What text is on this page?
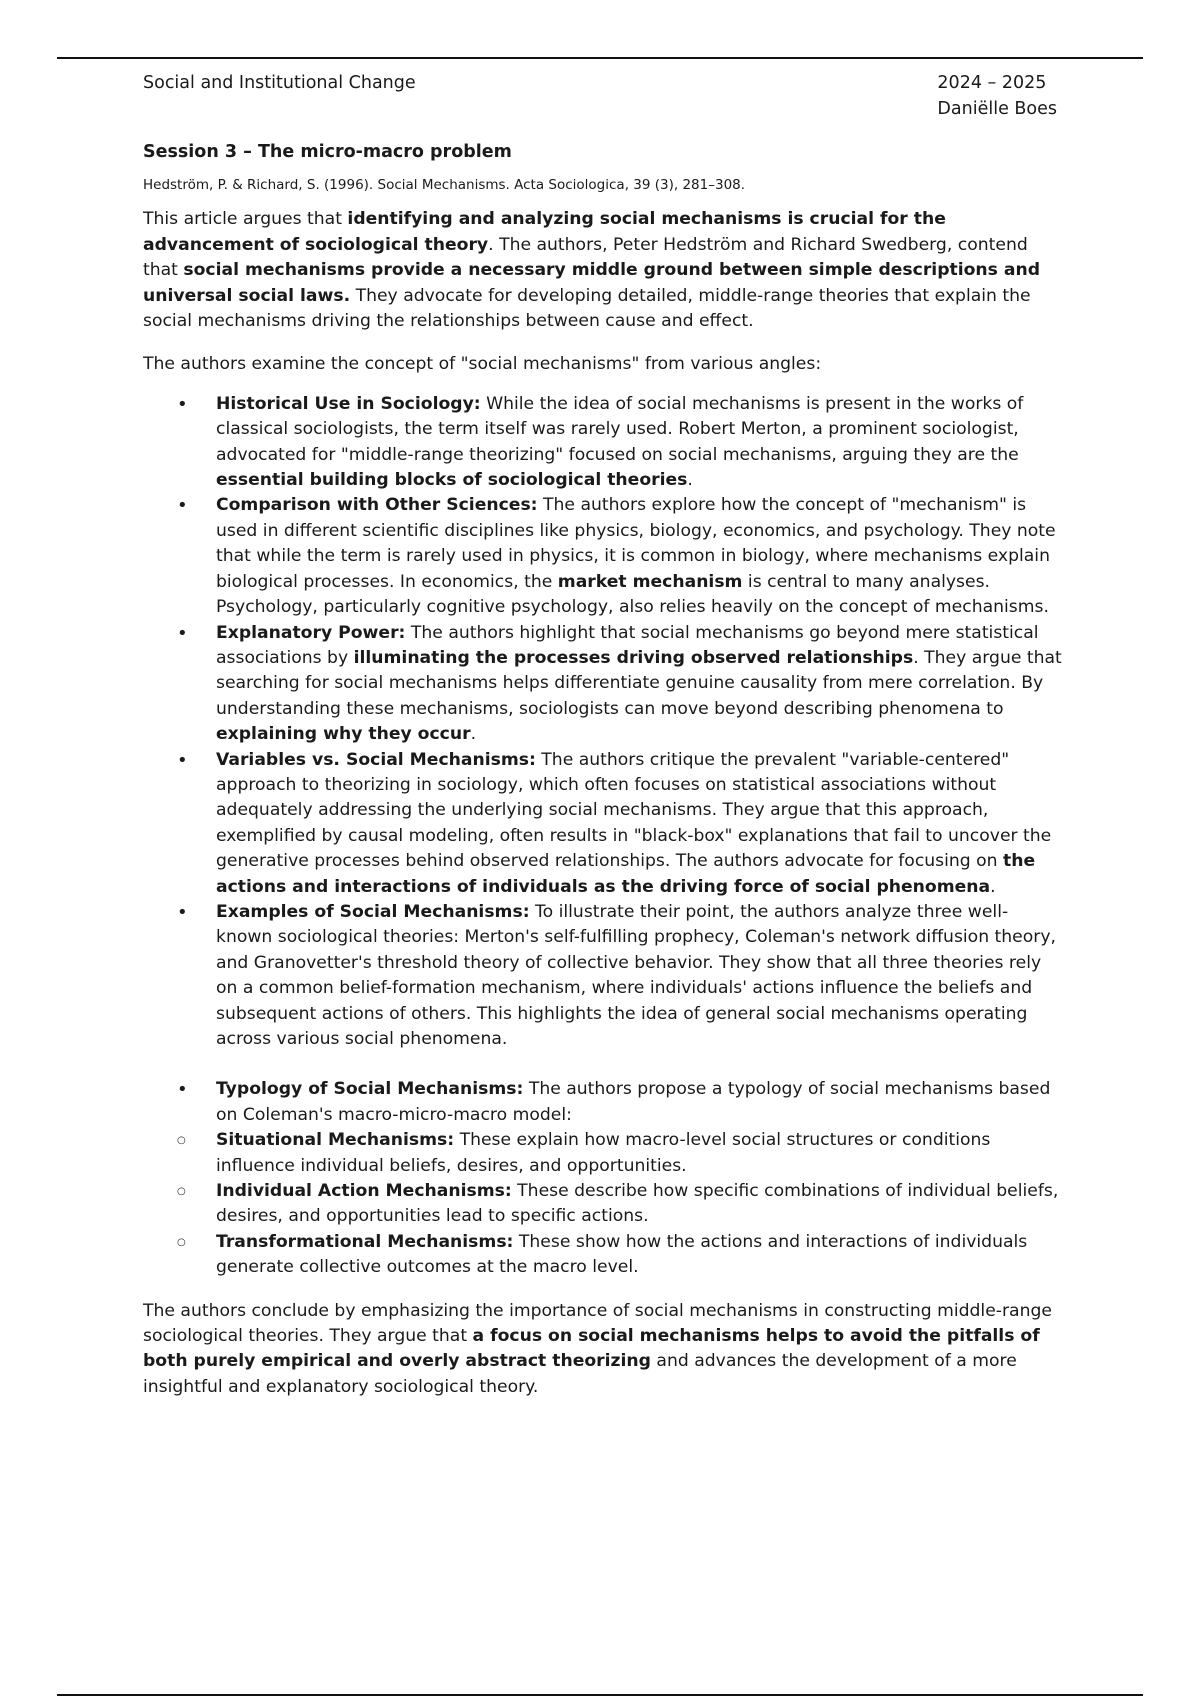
Social and Institutional Change	2024 – 2025
Daniëlle Boes
Session 3 – The micro-macro problem
Hedström, P. & Richard, S. (1996). Social Mechanisms. Acta Sociologica, 39 (3), 281–308.

This article argues that identifying and analyzing social mechanisms is crucial for the advancement of sociological theory. The authors, Peter Hedström and Richard Swedberg, contend that social mechanisms provide a necessary middle ground between simple descriptions and universal social laws. They advocate for developing detailed, middle-range theories that explain the social mechanisms driving the relationships between cause and effect.

The authors examine the concept of "social mechanisms" from various angles:

•
Historical Use in Sociology: While the idea of social mechanisms is present in the works of classical sociologists, the term itself was rarely used. Robert Merton, a prominent sociologist, advocated for "middle-range theorizing" focused on social mechanisms, arguing they are the essential building blocks of sociological theories.
•
Comparison with Other Sciences: The authors explore how the concept of "mechanism" is used in different scientific disciplines like physics, biology, economics, and psychology. They note that while the term is rarely used in physics, it is common in biology, where mechanisms explain biological processes. In economics, the market mechanism is central to many analyses. Psychology, particularly cognitive psychology, also relies heavily on the concept of mechanisms.
•
Explanatory Power: The authors highlight that social mechanisms go beyond mere statistical associations by illuminating the processes driving observed relationships. They argue that searching for social mechanisms helps differentiate genuine causality from mere correlation. By understanding these mechanisms, sociologists can move beyond describing phenomena to explaining why they occur.
•
Variables vs. Social Mechanisms: The authors critique the prevalent "variable-centered" approach to theorizing in sociology, which often focuses on statistical associations without adequately addressing the underlying social mechanisms. They argue that this approach, exemplified by causal modeling, often results in "black-box" explanations that fail to uncover the generative processes behind observed relationships. The authors advocate for focusing on the actions and interactions of individuals as the driving force of social phenomena.
•
Examples of Social Mechanisms: To illustrate their point, the authors analyze three well-known sociological theories: Merton's self-fulfilling prophecy, Coleman's network diffusion theory, and Granovetter's threshold theory of collective behavior. They show that all three theories rely on a common belief-formation mechanism, where individuals' actions influence the beliefs and subsequent actions of others. This highlights the idea of general social mechanisms operating across various social phenomena.
•
Typology of Social Mechanisms: The authors propose a typology of social mechanisms based on Coleman's macro-micro-macro model:
○
Situational Mechanisms: These explain how macro-level social structures or conditions influence individual beliefs, desires, and opportunities.
○
Individual Action Mechanisms: These describe how specific combinations of individual beliefs, desires, and opportunities lead to specific actions.
○
Transformational Mechanisms: These show how the actions and interactions of individuals generate collective outcomes at the macro level.

The authors conclude by emphasizing the importance of social mechanisms in constructing middle-range sociological theories. They argue that a focus on social mechanisms helps to avoid the pitfalls of both purely empirical and overly abstract theorizing and advances the development of a more insightful and explanatory sociological theory.
